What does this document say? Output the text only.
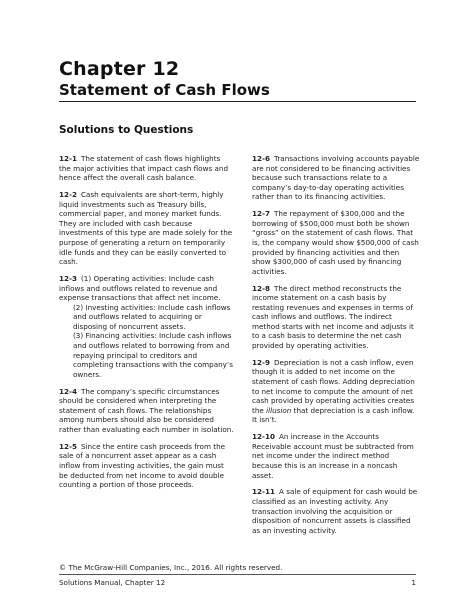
Chapter 12
Statement of Cash Flows
Solutions to Questions

12-1 The statement of cash flows highlights the major activities that impact cash flows and hence affect the overall cash balance.

12-2 Cash equivalents are short-term, highly liquid investments such as Treasury bills, commercial paper, and money market funds. They are included with cash because investments of this type are made solely for the purpose of generating a return on temporarily idle funds and they can be easily converted to cash.

12-3 (1) Operating activities: Include cash inflows and outflows related to revenue and expense transactions that affect net income.
(2) Investing activities: Include cash inflows and outflows related to acquiring or disposing of noncurrent assets.
(3) Financing activities: Include cash inflows and outflows related to borrowing from and repaying principal to creditors and completing transactions with the company’s owners.

12-4 The company’s specific circumstances should be considered when interpreting the statement of cash flows. The relationships among numbers should also be considered rather than evaluating each number in isolation.

12-5 Since the entire cash proceeds from the sale of a noncurrent asset appear as a cash inflow from investing activities, the gain must be deducted from net income to avoid double counting a portion of those proceeds.

12-6 Transactions involving accounts payable are not considered to be financing activities because such transactions relate to a company’s day-to-day operating activities rather than to its financing activities.

12-7 The repayment of $300,000 and the borrowing of $500,000 must both be shown “gross” on the statement of cash flows. That is, the company would show $500,000 of cash provided by financing activities and then show $300,000 of cash used by financing activities.

12-8 The direct method reconstructs the income statement on a cash basis by restating revenues and expenses in terms of cash inflows and outflows. The indirect method starts with net income and adjusts it to a cash basis to determine the net cash provided by operating activities.

12-9 Depreciation is not a cash inflow, even though it is added to net income on the statement of cash flows. Adding depreciation to net income to compute the amount of net cash provided by operating activities creates the illusion that depreciation is a cash inflow. It isn’t.

12-10 An increase in the Accounts Receivable account must be subtracted from net income under the indirect method because this is an increase in a noncash asset.

12-11 A sale of equipment for cash would be classified as an investing activity. Any transaction involving the acquisition or disposition of noncurrent assets is classified as an investing activity.

© The McGraw-Hill Companies, Inc., 2016. All rights reserved.
Solutions Manual, Chapter 12	1
